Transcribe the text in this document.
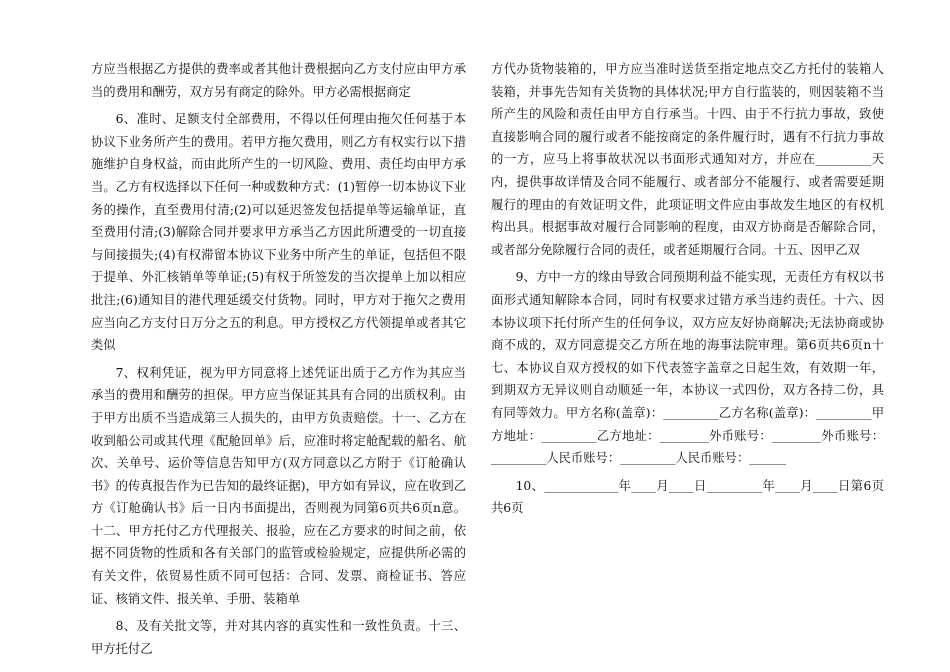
方应当根据乙方提供的费率或者其他计费根据向乙方支付应由甲方承当的费用和酬劳，双方另有商定的除外。甲方必需根据商定

6、准时、足额支付全部费用，不得以任何理由拖欠任何基于本协议下业务所产生的费用。若甲方拖欠费用，则乙方有权实行以下措施维护自身权益，而由此所产生的一切风险、费用、责任均由甲方承当。乙方有权选择以下任何一种或数种方式：(1)暂停一切本协议下业务的操作，直至费用付清;(2)可以延迟签发包括提单等运输单证，直至费用付清;(3)解除合同并要求甲方承当乙方因此所遭受的一切直接与间接损失;(4)有权滞留本协议下业务中所产生的单证，包括但不限于提单、外汇核销单等单证;(5)有权于所签发的当次提单上加以相应批注;(6)通知目的港代理延缓交付货物。同时，甲方对于拖欠之费用应当向乙方支付日万分之五的利息。甲方授权乙方代领提单或者其它类似

7、权利凭证，视为甲方同意将上述凭证出质于乙方作为其应当承当的费用和酬劳的担保。甲方应当保证其具有合同的出质权利。由于甲方出质不当造成第三人损失的，由甲方负责赔偿。十一、乙方在收到船公司或其代理《配舱回单》后，应准时将定舱配载的船名、航次、关单号、运价等信息告知甲方(双方同意以乙方附于《订舱确认书》的传真报告作为已告知的最终证据)，甲方如有异议，应在收到乙方《订舱确认书》后一日内书面提出，否则视为同第6页共6页n意。十二、甲方托付乙方代理报关、报验，应在乙方要求的时间之前，依据不同货物的性质和各有关部门的监管或检验规定，应提供所必需的有关文件，依贸易性质不同可包括：合同、发票、商检证书、答应证、核销文件、报关单、手册、装箱单

8、及有关批文等，并对其内容的真实性和一致性负责。十三、甲方托付乙

方代办货物装箱的，甲方应当准时送货至指定地点交乙方托付的装箱人装箱，并事先告知有关货物的具体状况;甲方自行监装的，则因装箱不当所产生的风险和责任由甲方自行承当。十四、由于不行抗力事故，致使直接影响合同的履行或者不能按商定的条件履行时，遇有不行抗力事故的一方，应马上将事故状况以书面形式通知对方，并应在_________天内，提供事故详情及合同不能履行、或者部分不能履行、或者需要延期履行的理由的有效证明文件，此项证明文件应由事故发生地区的有权机构出具。根据事故对履行合同影响的程度，由双方协商是否解除合同，或者部分免除履行合同的责任，或者延期履行合同。十五、因甲乙双

9、方中一方的缘由导致合同预期利益不能实现，无责任方有权以书面形式通知解除本合同，同时有权要求过错方承当违约责任。十六、因本协议项下托付所产生的任何争议，双方应友好协商解决;无法协商或协商不成的，双方同意提交乙方所在地的海事法院审理。第6页共6页n十七、本协议自双方授权的如下代表签字盖章之日起生效，有效期一年，到期双方无异议则自动顺延一年，本协议一式四份，双方各持二份，具有同等效力。甲方名称(盖章)：_________乙方名称(盖章)：_________甲方地址：_________乙方地址：________外币账号：________外币账号：_________人民币账号：_________人民币账号：______

10、____________年____月____日_________年____月____日第6页共6页
